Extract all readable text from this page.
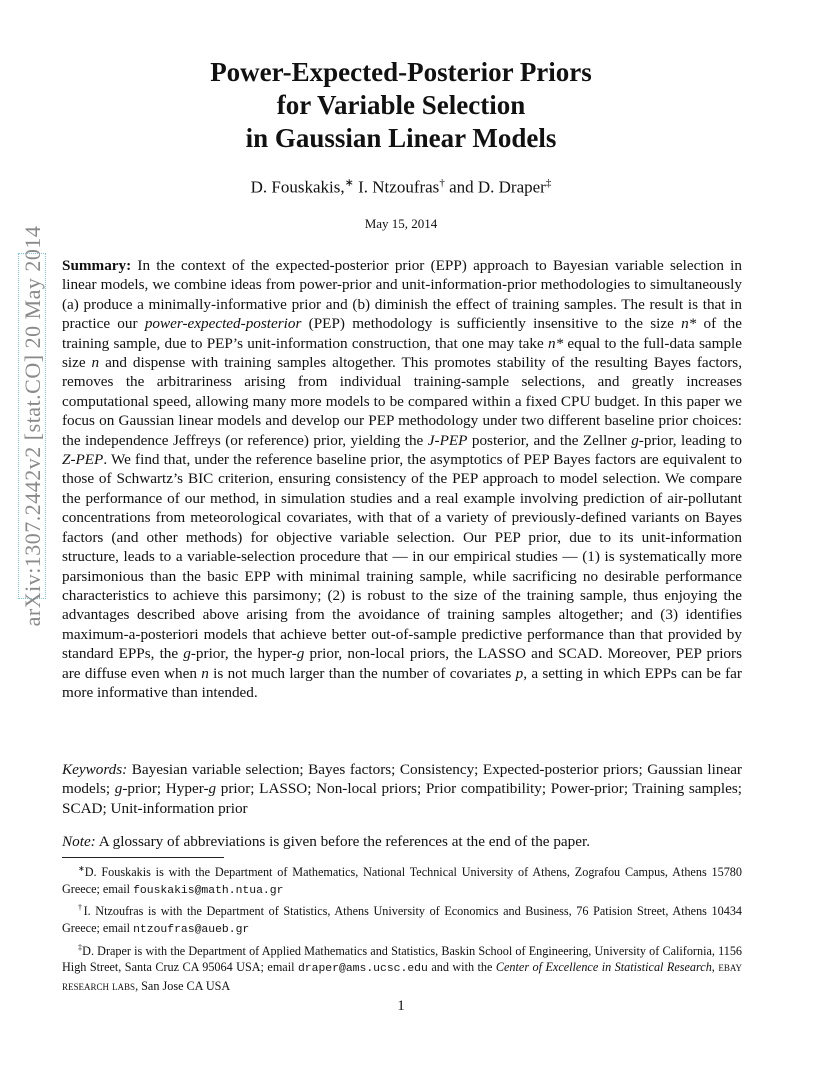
arXiv:1307.2442v2 [stat.CO] 20 May 2014
Power-Expected-Posterior Priors
for Variable Selection
in Gaussian Linear Models
D. Fouskakis,∗ I. Ntzoufras† and D. Draper‡
May 15, 2014

Summary: In the context of the expected-posterior prior (EPP) approach to Bayesian variable selection in linear models, we combine ideas from power-prior and unit-information-prior methodologies to simultaneously (a) produce a minimally-informative prior and (b) diminish the effect of training samples. The result is that in practice our power-expected-posterior (PEP) methodology is sufficiently insensitive to the size n* of the training sample, due to PEP’s unit-information construction, that one may take n* equal to the full-data sample size n and dispense with training samples altogether. This promotes stability of the resulting Bayes factors, removes the arbitrariness arising from individual training-sample selections, and greatly increases computational speed, allowing many more models to be compared within a fixed CPU budget. In this paper we focus on Gaussian linear models and develop our PEP methodology under two different baseline prior choices: the independence Jeffreys (or reference) prior, yielding the J-PEP posterior, and the Zellner g-prior, leading to Z-PEP. We find that, under the reference baseline prior, the asymptotics of PEP Bayes factors are equivalent to those of Schwartz’s BIC criterion, ensuring consistency of the PEP approach to model selection. We compare the performance of our method, in simulation studies and a real example involving prediction of air-pollutant concentrations from meteorological covariates, with that of a variety of previously-defined variants on Bayes factors (and other methods) for objective variable selection. Our PEP prior, due to its unit-information structure, leads to a variable-selection procedure that — in our empirical studies — (1) is systematically more parsimonious than the basic EPP with minimal training sample, while sacrificing no desirable performance characteristics to achieve this parsimony; (2) is robust to the size of the training sample, thus enjoying the advantages described above arising from the avoidance of training samples altogether; and (3) identifies maximum-a-posteriori models that achieve better out-of-sample predictive performance than that provided by standard EPPs, the g-prior, the hyper-g prior, non-local priors, the LASSO and SCAD. Moreover, PEP priors are diffuse even when n is not much larger than the number of covariates p, a setting in which EPPs can be far more informative than intended.

Keywords: Bayesian variable selection; Bayes factors; Consistency; Expected-posterior priors; Gaussian linear models; g-prior; Hyper-g prior; LASSO; Non-local priors; Prior compatibility; Power-prior; Training samples; SCAD; Unit-information prior

Note: A glossary of abbreviations is given before the references at the end of the paper.

∗D. Fouskakis is with the Department of Mathematics, National Technical University of Athens, Zografou Campus, Athens 15780 Greece; email fouskakis@math.ntua.gr

†I. Ntzoufras is with the Department of Statistics, Athens University of Economics and Business, 76 Patision Street, Athens 10434 Greece; email ntzoufras@aueb.gr

‡D. Draper is with the Department of Applied Mathematics and Statistics, Baskin School of Engineering, University of California, 1156 High Street, Santa Cruz CA 95064 USA; email draper@ams.ucsc.edu and with the Center of Excellence in Statistical Research, ebay research labs, San Jose CA USA

1
